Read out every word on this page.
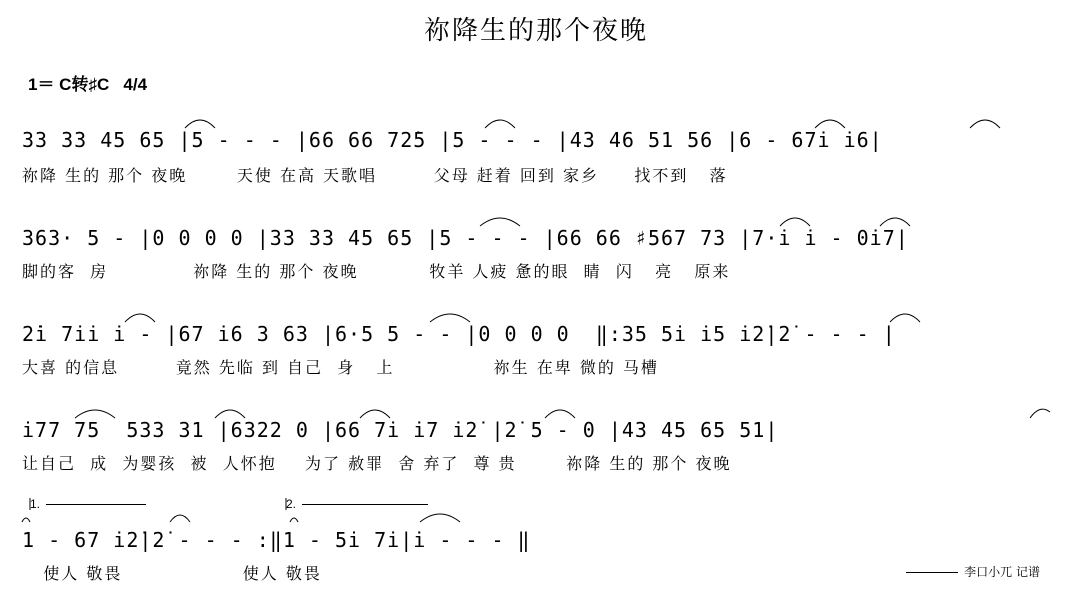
祢降生的那个夜晚
1＝ C转♯C   4/4
33 33 45 65 |5 - - - |66 66 72̇5 |5 - - - |43 46 51 56 |6 - 67i̇ i̇6|
祢降 生的 那个 夜晚       天使 在高 天歌唱        父母 赶着 回到 家乡     找不到   落
363· 5 - |0 0 0 0 |33 33 45 65 |5 - - - |66 66 ♯567 73 |7·i̇ i̇ - 0i̇7|
脚的客  房            祢降 生的 那个 夜晚          牧羊 人疲 惫的眼  睛  闪   亮   原来
2̇i̇ 7i̇i̇ i̇ - |67 i̇6 3 63 |6·5 5 - - |0 0 0 0  ‖:35 5i̇ i̇5 i̇2̇|2̇ - - - |
大喜 的信息        竟然 先临 到 自己  身   上              祢生 在卑 微的 马槽
i̇77 75  533 31 |6322 0 |66 7i̇ i̇7 i̇2̇ |2̇ 5 - 0 |43 45 65 51|
让自己  成  为婴孩  被  人怀抱    为了 赦罪  舍 弃了  尊 贵       祢降 生的 那个 夜晚
1.	2.
1 - 67 i̇2̇|2̇ - - - :‖1 - 5i̇ 7i̇|i̇ - - - ‖
使人 敬畏                 使人 敬畏	李口小兀 记谱
